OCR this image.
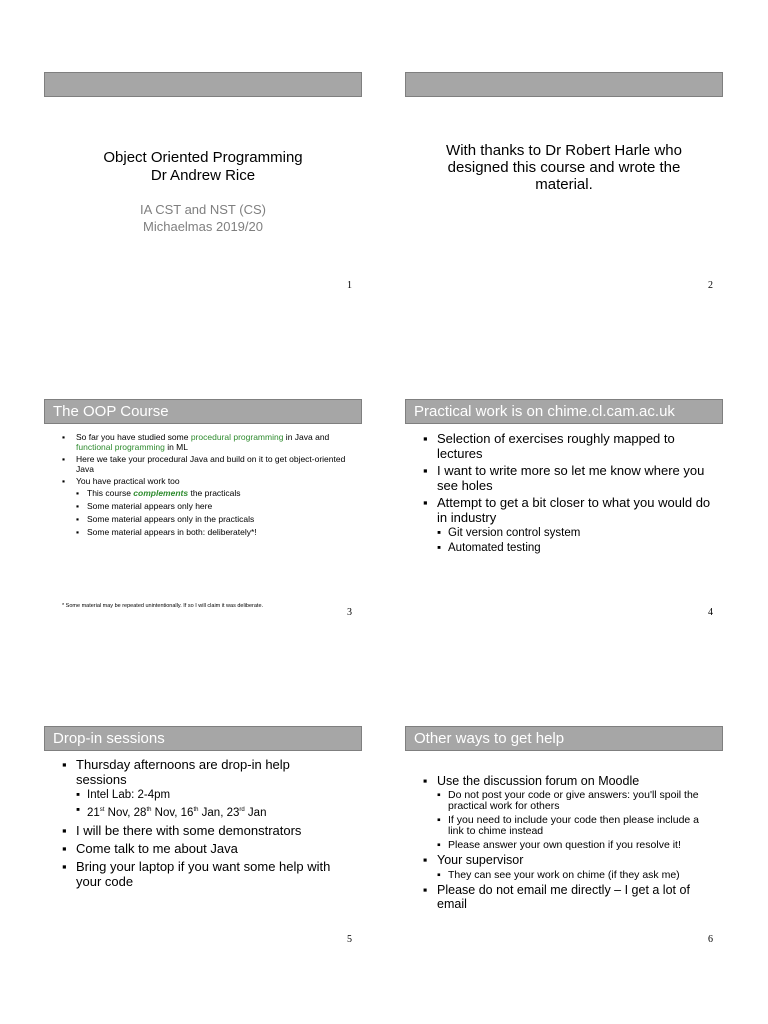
Object Oriented Programming
Dr Andrew Rice
IA CST and NST (CS)
Michaelmas 2019/20
1
With thanks to Dr Robert Harle who
designed this course and wrote the
material.
2
The OOP Course
▪ So far you have studied some procedural programming in Java and functional programming in ML
▪ Here we take your procedural Java and build on it to get object-oriented Java
▪ You have practical work too
▪ This course complements the practicals
▪ Some material appears only here
▪ Some material appears only in the practicals
▪ Some material appears in both: deliberately*!
* Some material may be repeated unintentionally. If so I will claim it was deliberate.
3
Practical work is on chime.cl.cam.ac.uk
▪ Selection of exercises roughly mapped to lectures
▪ I want to write more so let me know where you see holes
▪ Attempt to get a bit closer to what you would do in industry
▪ Git version control system
▪ Automated testing
4
Drop-in sessions
▪ Thursday afternoons are drop-in help sessions
▪ Intel Lab: 2-4pm
▪ 21st Nov, 28th Nov, 16th Jan, 23rd Jan
▪ I will be there with some demonstrators
▪ Come talk to me about Java
▪ Bring your laptop if you want some help with your code
5
Other ways to get help
▪ Use the discussion forum on Moodle
▪ Do not post your code or give answers: you'll spoil the practical work for others
▪ If you need to include your code then please include a link to chime instead
▪ Please answer your own question if you resolve it!
▪ Your supervisor
▪ They can see your work on chime (if they ask me)
▪ Please do not email me directly – I get a lot of email
6
